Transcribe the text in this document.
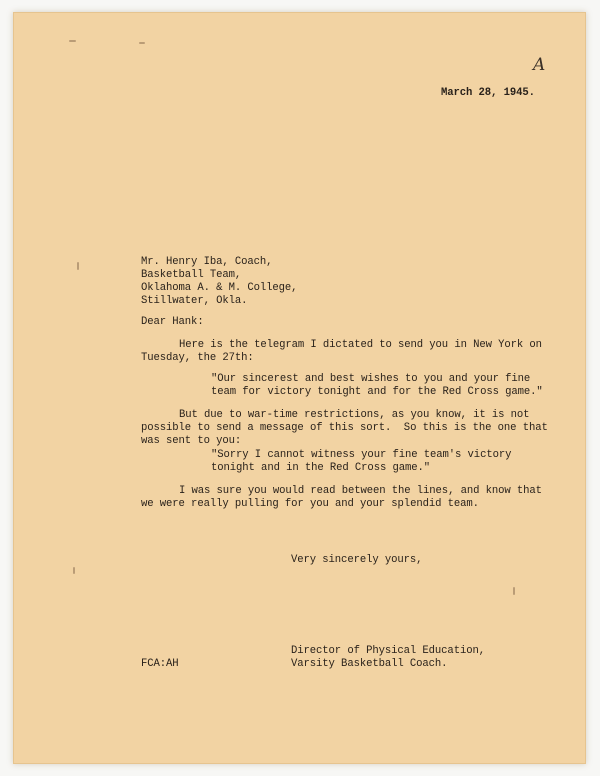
A

March 28, 1945.

Mr. Henry Iba, Coach,
Basketball Team,
Oklahoma A. & M. College,
Stillwater, Okla.

Dear Hank:

Here is the telegram I dictated to send you in New York on
Tuesday, the 27th:

"Our sincerest and best wishes to you and your fine
team for victory tonight and for the Red Cross game."

But due to war-time restrictions, as you know, it is not
possible to send a message of this sort.  So this is the one that
was sent to you:

"Sorry I cannot witness your fine team's victory
tonight and in the Red Cross game."

I was sure you would read between the lines, and know that
we were really pulling for you and your splendid team.

Very sincerely yours,

Director of Physical Education,
Varsity Basketball Coach.

FCA:AH
